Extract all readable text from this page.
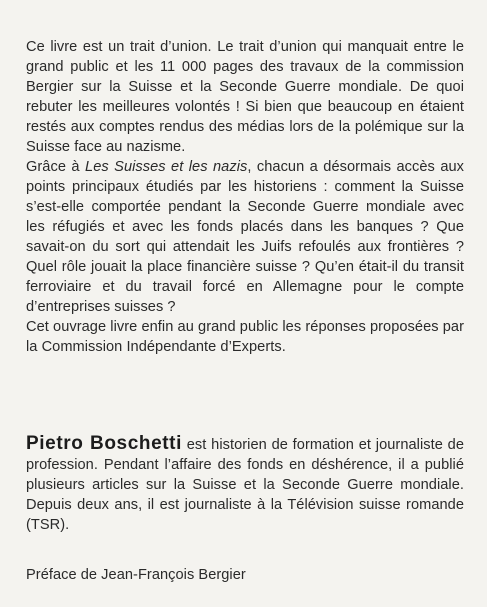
Ce livre est un trait d’union. Le trait d’union qui manquait entre le grand public et les 11 000 pages des travaux de la commission Bergier sur la Suisse et la Seconde Guerre mondiale. De quoi rebuter les meilleures volontés ! Si bien que beaucoup en étaient restés aux comptes rendus des médias lors de la polémique sur la Suisse face au nazisme.

Grâce à Les Suisses et les nazis, chacun a désormais accès aux points principaux étudiés par les historiens : comment la Suisse s’est-elle comportée pendant la Seconde Guerre mondiale avec les réfugiés et avec les fonds placés dans les banques ? Que savait-on du sort qui attendait les Juifs refoulés aux frontières ? Quel rôle jouait la place financière suisse ? Qu’en était-il du transit ferroviaire et du travail forcé en Allemagne pour le compte d’entreprises suisses ?

Cet ouvrage livre enfin au grand public les réponses proposées par la Commission Indépendante d’Experts.

Pietro Boschetti est historien de formation et journaliste de profession. Pendant l’affaire des fonds en déshérence, il a publié plusieurs articles sur la Suisse et la Seconde Guerre mondiale. Depuis deux ans, il est journaliste à la Télévision suisse romande (TSR).

Préface de Jean-François Bergier
